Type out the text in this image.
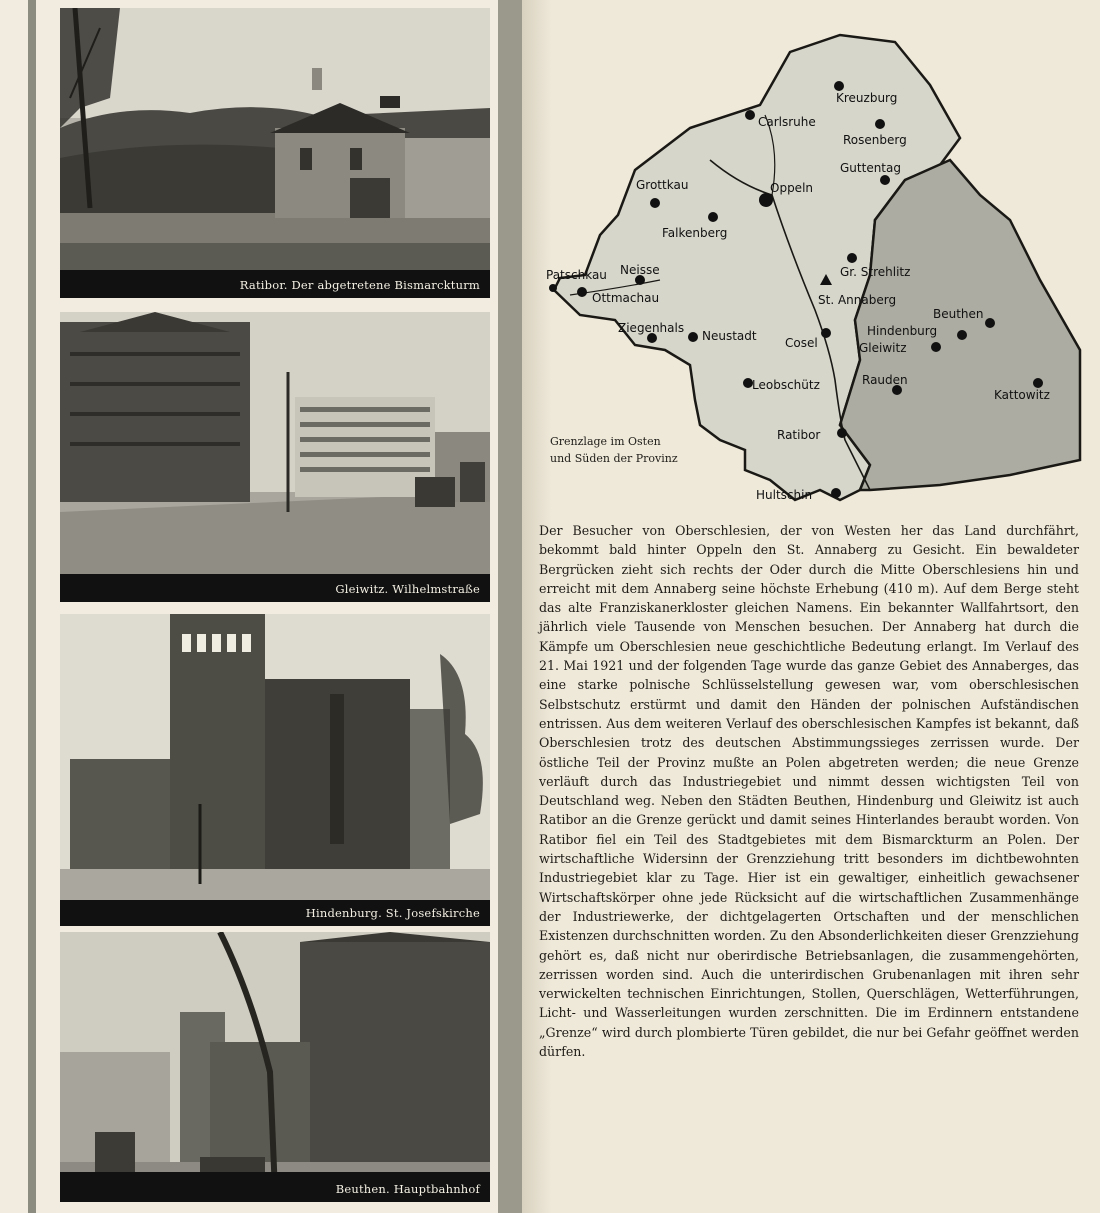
Ratibor. Der abgetretene Bismarckturm
Gleiwitz. Wilhelmstraße
Hindenburg. St. Josefskirche
Beuthen. Hauptbahnhof
Kreuzburg
Carlsruhe
Rosenberg
Guttentag
Grottkau	Oppeln
Falkenberg
Patschkau Neisse
Ottmachau
Gr. Strehlitz
St. Annaberg
Beuthen
Ziegenhals
Neustadt Cosel
Hindenburg
Gleiwitz
Leobschütz	Rauden
Kattowitz
Ratibor
Hultschin
Grenzlage im Osten
und Süden der Provinz

Der Besucher von Oberschlesien, der von Westen her das Land durchfährt, bekommt bald hinter Oppeln den St. Annaberg zu Gesicht. Ein bewaldeter Bergrücken zieht sich rechts der Oder durch die Mitte Oberschlesiens hin und erreicht mit dem Annaberg seine höchste Erhebung (410 m). Auf dem Berge steht das alte Franziskanerkloster gleichen Namens. Ein bekannter Wallfahrtsort, den jährlich viele Tausende von Menschen besuchen. Der Annaberg hat durch die Kämpfe um Oberschlesien neue geschichtliche Bedeutung erlangt. Im Verlauf des 21. Mai 1921 und der folgenden Tage wurde das ganze Gebiet des Annaberges, das eine starke polnische Schlüsselstellung gewesen war, vom oberschlesischen Selbstschutz erstürmt und damit den Händen der polnischen Aufständischen entrissen. Aus dem weiteren Verlauf des oberschlesischen Kampfes ist bekannt, daß Oberschlesien trotz des deutschen Abstimmungssieges zerrissen wurde. Der östliche Teil der Provinz mußte an Polen abgetreten werden; die neue Grenze verläuft durch das Industriegebiet und nimmt dessen wichtigsten Teil von Deutschland weg. Neben den Städten Beuthen, Hindenburg und Gleiwitz ist auch Ratibor an die Grenze gerückt und damit seines Hinterlandes beraubt worden. Von Ratibor fiel ein Teil des Stadtgebietes mit dem Bismarckturm an Polen. Der wirtschaftliche Widersinn der Grenzziehung tritt besonders im dichtbewohnten Industriegebiet klar zu Tage. Hier ist ein gewaltiger, einheitlich gewachsener Wirtschaftskörper ohne jede Rücksicht auf die wirtschaftlichen Zusammenhänge der Industriewerke, der dichtgelagerten Ortschaften und der menschlichen Existenzen durchschnitten worden. Zu den Absonderlichkeiten dieser Grenzziehung gehört es, daß nicht nur oberirdische Betriebsanlagen, die zusammengehörten, zerrissen worden sind. Auch die unterirdischen Grubenanlagen mit ihren sehr verwickelten technischen Einrichtungen, Stollen, Querschlägen, Wetterführungen, Licht- und Wasserleitungen wurden zerschnitten. Die im Erdinnern entstandene „Grenze“ wird durch plombierte Türen gebildet, die nur bei Gefahr geöffnet werden dürfen.
